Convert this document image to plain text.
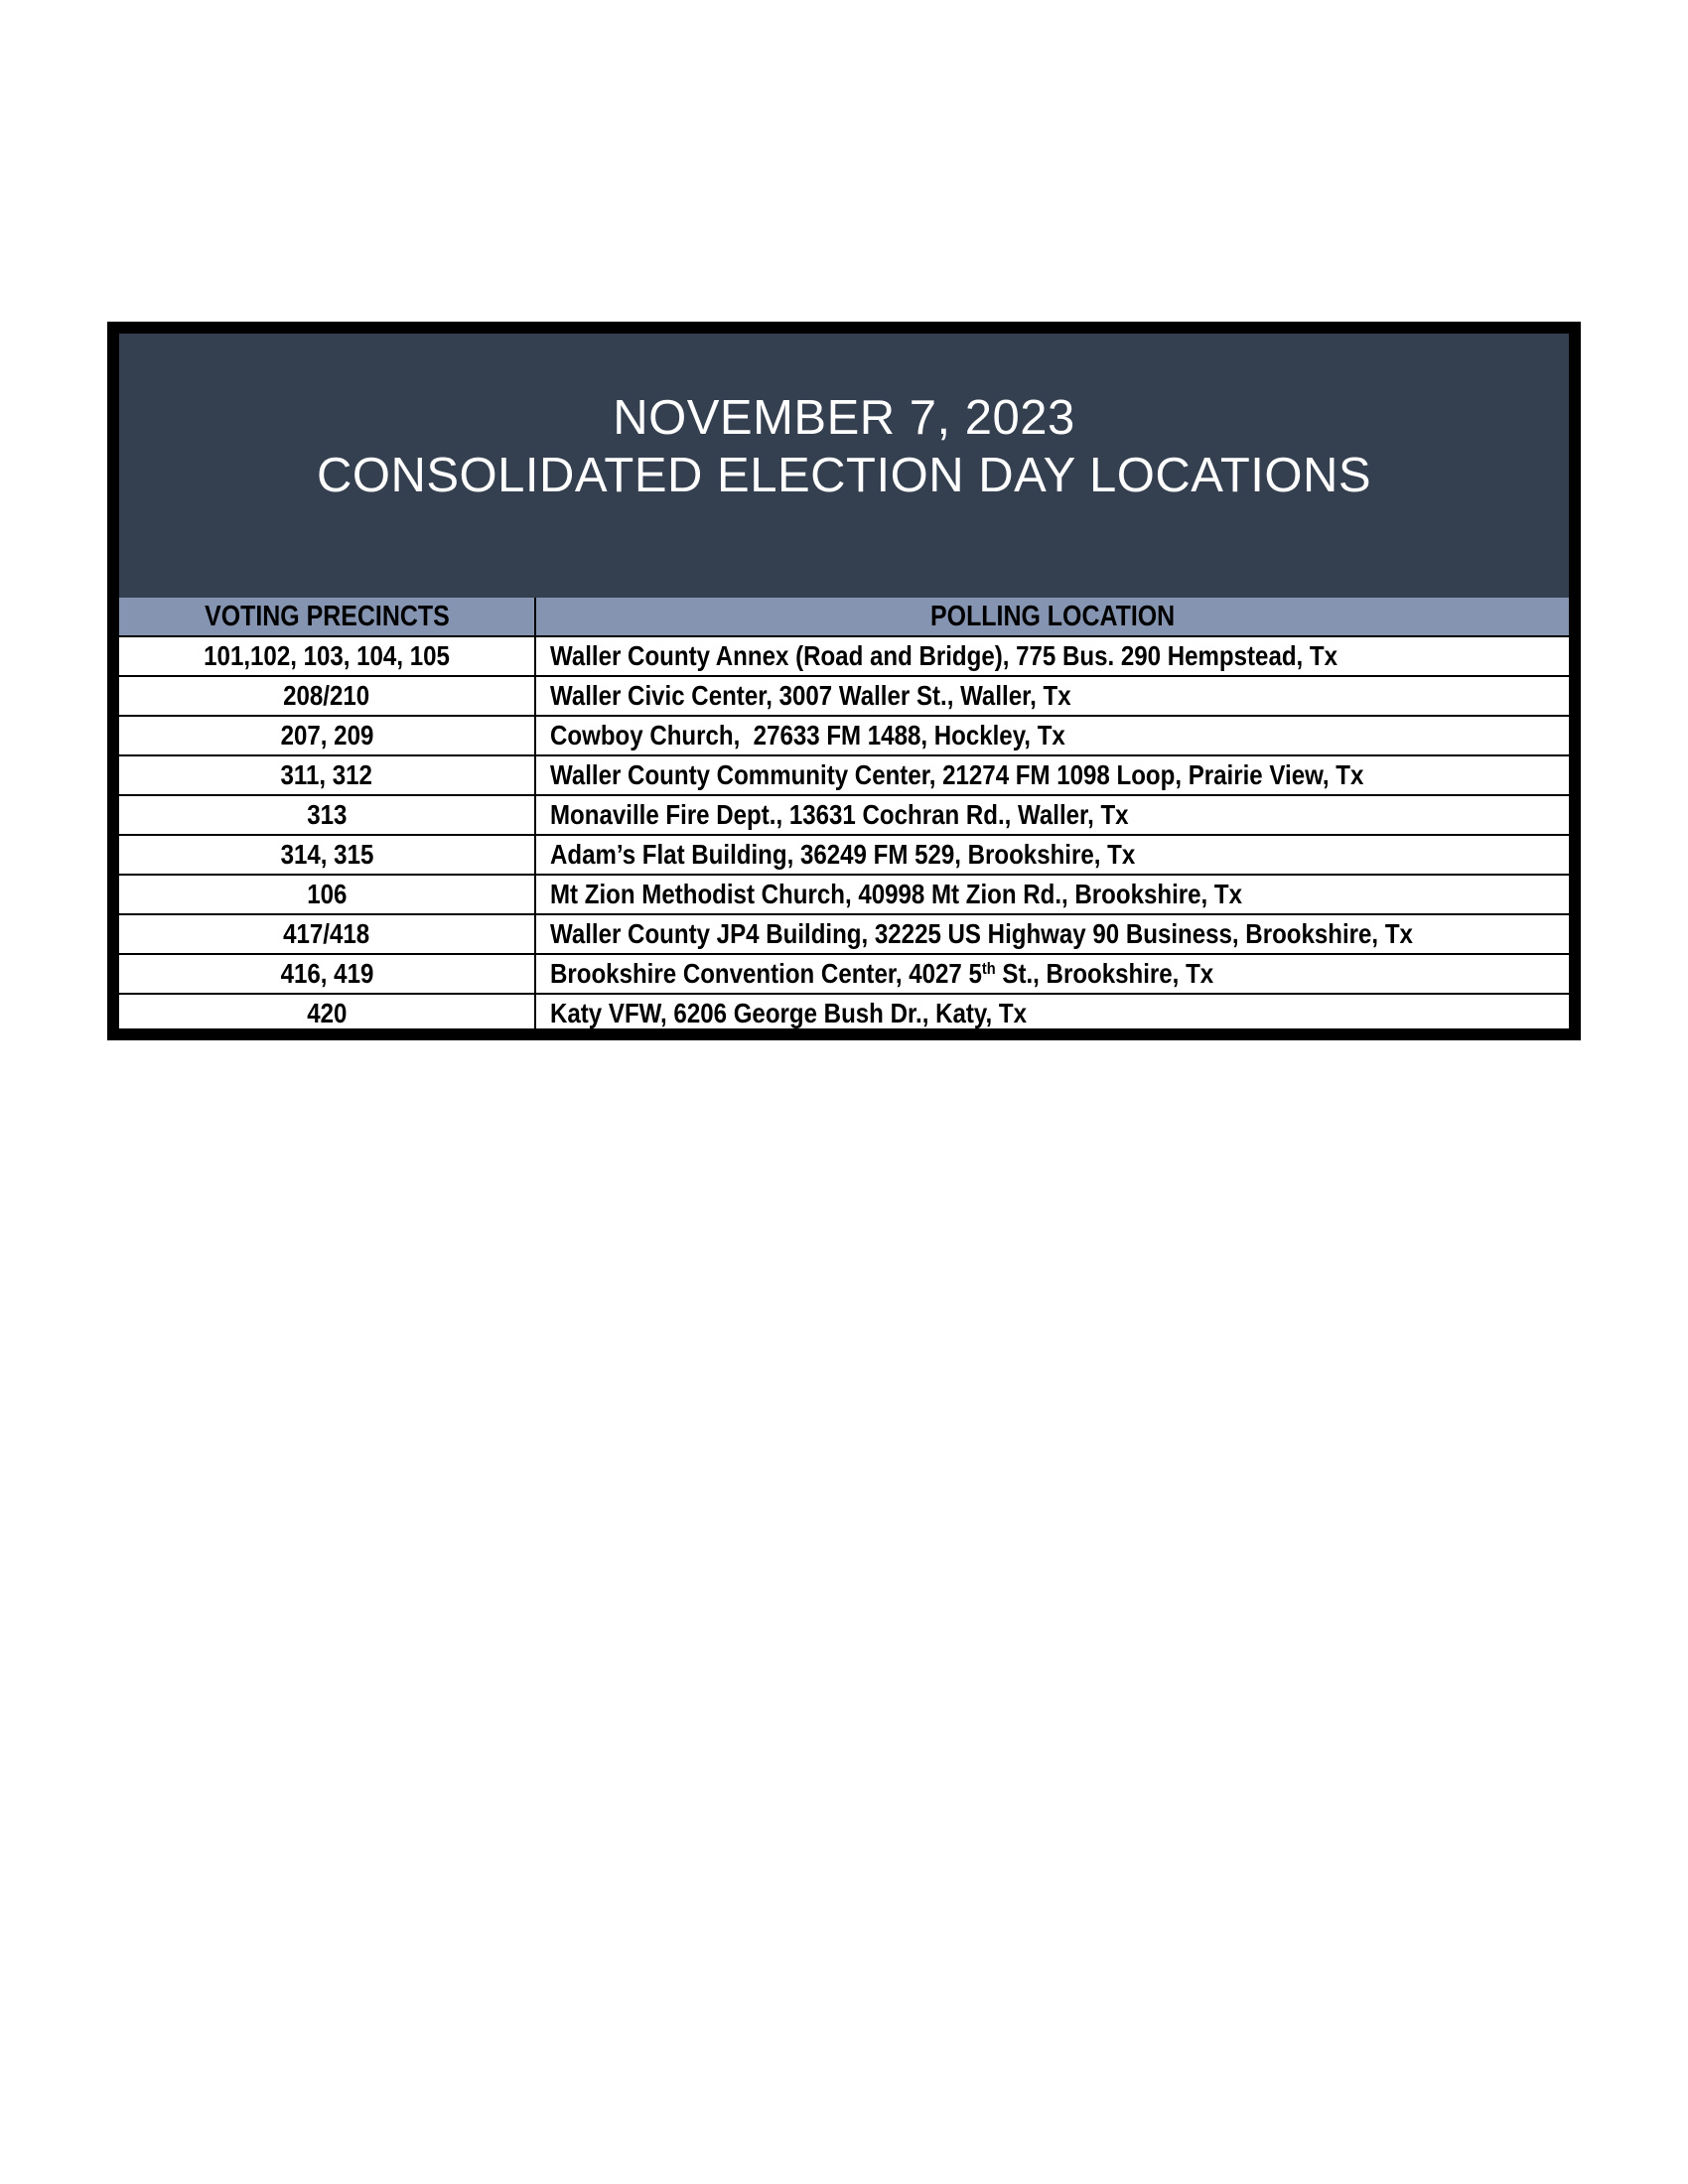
NOVEMBER 7, 2023
CONSOLIDATED ELECTION DAY LOCATIONS
VOTING PRECINCTS	POLLING LOCATION
101,102, 103, 104, 105	Waller County Annex (Road and Bridge), 775 Bus. 290 Hempstead, Tx
208/210	Waller Civic Center, 3007 Waller St., Waller, Tx
207, 209	Cowboy Church,  27633 FM 1488, Hockley, Tx
311, 312	Waller County Community Center, 21274 FM 1098 Loop, Prairie View, Tx
313	Monaville Fire Dept., 13631 Cochran Rd., Waller, Tx
314, 315	Adam’s Flat Building, 36249 FM 529, Brookshire, Tx
106	Mt Zion Methodist Church, 40998 Mt Zion Rd., Brookshire, Tx
417/418	Waller County JP4 Building, 32225 US Highway 90 Business, Brookshire, Tx
416, 419	Brookshire Convention Center, 4027 5th St., Brookshire, Tx
420	Katy VFW, 6206 George Bush Dr., Katy, Tx
